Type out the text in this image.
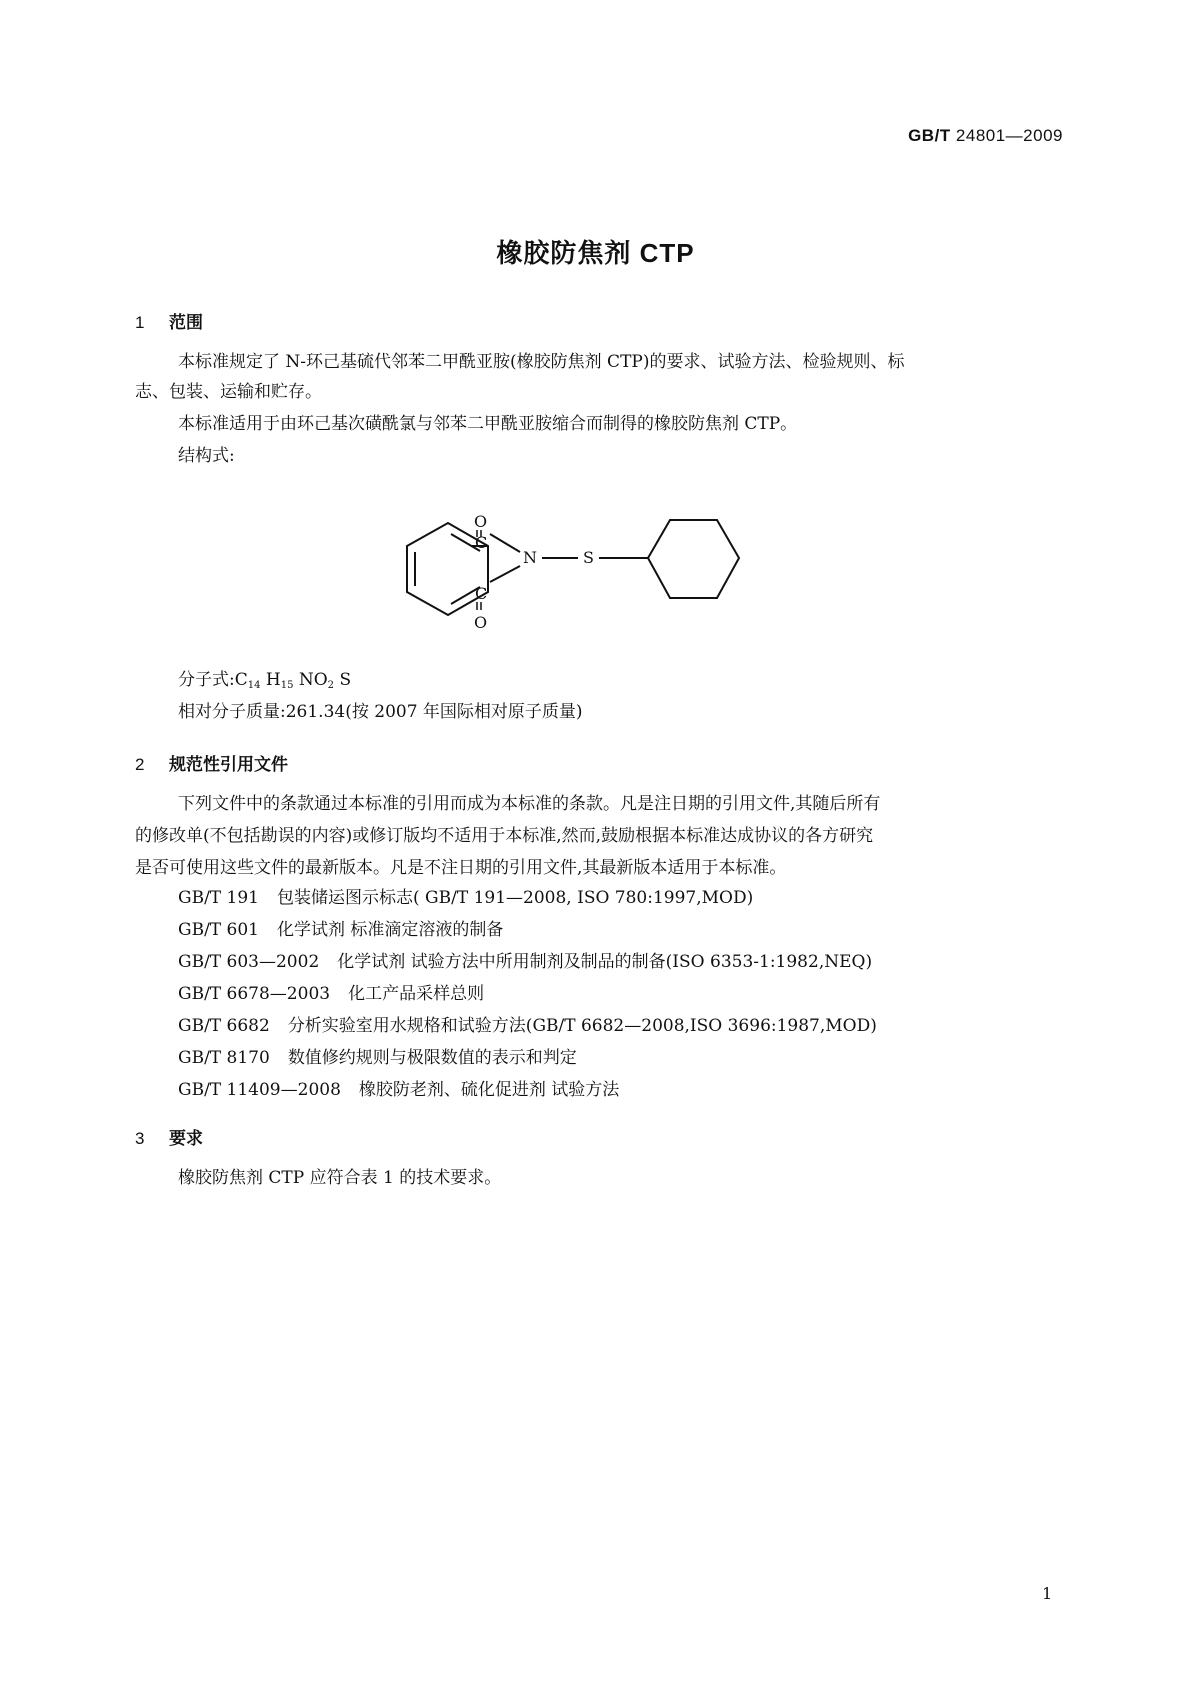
GB/T 24801—2009
橡胶防焦剂 CTP
1 范围
本标准规定了 N-环己基硫代邻苯二甲酰亚胺(橡胶防焦剂 CTP)的要求、试验方法、检验规则、标
志、包装、运输和贮存。
本标准适用于由环己基次磺酰氯与邻苯二甲酰亚胺缩合而制得的橡胶防焦剂 CTP。
结构式:
O
C
N	S
C
O
分子式$:C_{14}$ $H_{15}$ $NO_2$ S
相对分子质量:261.34(按 2007 年国际相对原子质量)
2 规范性引用文件
下列文件中的条款通过本标准的引用而成为本标准的条款。凡是注日期的引用文件,其随后所有
的修改单(不包括勘误的内容)或修订版均不适用于本标准,然而,鼓励根据本标准达成协议的各方研究
是否可使用这些文件的最新版本。凡是不注日期的引用文件,其最新版本适用于本标准。
GB/T 191 包装储运图示标志( GB/T 191—2008, ISO 780:1997,MOD)
GB/T 601 化学试剂 标准滴定溶液的制备
GB/T 603—2002 化学试剂 试验方法中所用制剂及制品的制备(ISO 6353-1:1982,NEQ)
GB/T 6678—2003 化工产品采样总则
GB/T 6682 分析实验室用水规格和试验方法(GB/T 6682—2008,ISO 3696:1987,MOD)
GB/T 8170 数值修约规则与极限数值的表示和判定
GB/T 11409—2008 橡胶防老剂、硫化促进剂 试验方法
3 要求
橡胶防焦剂 CTP 应符合表 1 的技术要求。
1
